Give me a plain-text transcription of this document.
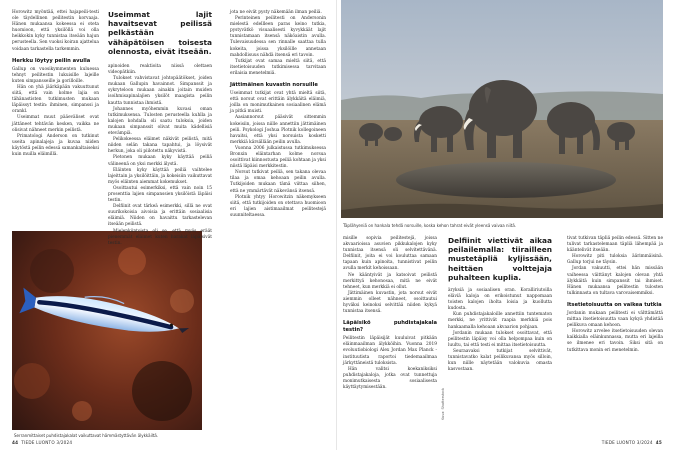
Horowitz myöntää, ettei hajapeili-testi ole täydellinen peilitestin korvaaja. Hänen mukaansa kokeessa ei oteta huomioon, että yksilöllä voi olla heikkokin kyky tunnistaa itseään hajun perusteella. Sen vuoksi koiran ajattelua voidaan tarkastella tarkemmin.

Herkku löytyy peilin avulla

Gallup on vuosikymmenten kuluessa tehnyt peilitestin lukuisille lajeille kuten simpansseille ja gorilloille.

Hän on yhä jäärkäpään vakuuttunut siitä, että vain kolme lajia on tähänastisten tutkimusten mukaan läpäissyt testin: ihminen, simpanssi ja orankl.

Useimmat muut pääeväliset ovat jättäneet tehtävän kesken, vaikka ne olisivat nähneet merkin peilistä.

Primatologi Anderson on tutkinut useita apinalajeja ja kuvaa niiden käytöstä peilin edessä samankaltaiseksi kuin muilla eläimillä.

Serranmittaiset puhdistajakalat vaikuttavat hämmästyttävän älykkäiltä.
Useimmat lajit havaitsevat peilissä pelkästään vähäpätöisen toisesta olennosta, eivät itseään.

apinoiden reaktioita niissä olettaen videopätkiin.

Tulokset vahvistavat johtopäätökset, joiden mukaan Gallupin havainnot. Simpanssit ja sykryteloon mukaan ainakin joitain muiden isoihmisapinalajien yksilöt maagista peilin kautta tunnistaa ihmistä.

Johannes myöhemmin kuvasi oman tutkimuksensa. Tulosten perusteella kuhlla ja kalojen kohdalla oli saatu tuloksia, joiden mukaan simpanssit olivat muita kädellisiä etevämpiä.

Pelikokeessa eläimet näkivät peilistä, mitä niiden selän takana tapahtui, ja löysivät herkun, joka oli piilotettu näkyvistä.

Pietonen mukaan kyky käyttää peiliä välineenä on yksi merkki älystä.

Eläinten kyky käyttää peiliä vaihtelee lajeittain ja yksilöittäin, ja kokeisiin vaikuttavat myös eläinten aiemmat kokemukset.

Osoittautui esimerkiksi, että vain noin 15 prosenttia lajien simpanssien yksilöistä läpäisi testin.

Delfiinit ovat tärkeä esimerkki, sillä ne ovat suurikokoisia aivoisia ja erittäin sosiaalisia eläimiä. Niiden on havaittu tarkastelevan itseään peilistä.

Mielenkiintoista oli se, että myös eräät pienemmät eläimet kuten harakat läpäisivät testin.

jota ne eivät pysty näkemään ilman peiliä.

Perinteinen peilitesti on Andersonin mielestä edellleen paras keino tutkia, pystyvätkö visuaalisesti kyvykkäät lajit tunnistamaan itsensä näköaistin avulla. Tulevaisuudessa sen rinnalle saattaa tulla kokeita, joissa yksilöille annetaan mahdollisuus nähdä itsensä eri tavoin.

Tutkijat ovat samaa mieltä siitä, että itsetietoisuuden tutkimisessa tarvitaan erilaisia menetelmiä.

Jättimäinen kuvastin norsuille

Useimmat tutkijat ovat yhtä mieltä siitä, että norsut ovat erittäin älykkäitä eläimiä, joilla on monimutkainen sosiaalinen elämä ja pitkä muisti.

Aasiannorsut pääsivät sittemmin kokeisiin, joissa niille annettiin jättimäinen peili. Psykologi Joshua Plotnik kollegoineen havaitsi, että yksi norsuista kosketti merkkiä kärsällään peilin avulla.

Vuonna 2006 julkaistussa tutkimuksessa Bronxin eläintarhan kolme norsua osoittivat kiinnostusta peiliä kohtaan ja yksi niistä läpäisi merkkitestin.

Norsut tutkivat peiliä, sen takana olevaa tilaa ja omaa kehoaan peilin avulla. Tutkijoiden mukaan tämä viittaa siihen, että ne ymmärtävät näkevänsä itsensä.

Plotnik yhtyy Horowitzin näkemykseen siitä, että tutkijoiden on otettava huomioon eri lajien aistimaailmat peilitestejä suunniteltaessa.

44 TIEDE LUONTO 3/2024
Täplähyeniä on hankala tehdä norsuille, koska kehon tahrat eivät yleensä vaivaa niitä.

misille sopivia peilitestejä, joissa akvaarioissa asuvien pikkukalojen kyky tunnistaa itsensä oli selvitettävänä. Delfiinit, joita ei voi kouluttaa samaan tapaan kuin apinoita, tunnistivat peilin avulla merkit kehoissaan.

Ne kääntyivät ja katsoivat peilistä merkittyä kehonosaa, mitä ne eivät tehneet, kun merkkiä ei ollut.

Jättimäinen kuvastin, jota norsut eivät aiemmin olleet nähneet, osoittautui hyväksi keinoksi selvittää niiden kykyä tunnistaa itsensä.

Läpäisikö puhdistajakala testin?

Peilitestin läpäisijät kuuluivat pitkään eläinmaailman älykköihin. Vuonna 2019 evoluutiobiologi Alex Jordan Max Planck -instituutista raportoi tiedemaailmaa järkyttäneistä tuloksista.

Hän valitsi koekaniksiksi puhdistajakaloja, jotka ovat tunnettuja monimutkaisesta sosiaalisesta käyttäytymisestään.

Kuva: Shutterstock
Delfiinit viettivät aikaa peilailemalla: tiirailleen mustetäpliä kyljissään, heittäen volttejaja puhalteen kuplia.

äryksiä ja sosiaalisen oran. Koralliriutoilla eläviä kaloja on erikoistunut nappomaan toisten kalojen iholta loisia ja kuollutta kudosta.

Kun puhdistajakaloille annettiin tuntematon merkki, ne yrittivät raapia merkkiä pois hankaamalla kehoaan akvaarion pohjaan.

Jordanin mukaan tulokset osoittavat, että peilitestin läpäisy voi olla helpompaa kuin on luultu, tai että testi ei mittaa itsetietoisuutta.

Seuraavaksi tutkijat selvittivät, tunnistavatko kalat peilikuvansa myös silloin, kun niille näytetään valokuvia omasta kasvostaan.

tivat tutkivan täpliä peilin edessä. Sitten ne tulivat tarkastelemaan täpliä lähempää ja kääntelivät itseään.

Horowitz piti tuloksia äärimmäisinä. Gallup torjui ne täysin.

Jordan vakuutti, ettei hän missään vaiheessa väittänyt kalojen olevan yhtä älykkäitä kuin simpanssit tai ihmiset. Hänen mukaansa peilitestin tulosten tulkinnasta on tultava varovaisemmiksi.

Itsetietoisuutta on vaikea tutkia

Jordanin mukaan peilitesti ei välttämättä mittaa itsetietoisuutta vaan kykyä yhdistää peilikuva omaan kehoon.

Horowitz arvelee itsetietoisuuden olevan kaikkialla eläinkunnassa, mutta eri lajeilla se ilmenee eri tavoin. Siksi sitä on tutkittava monin eri menetelmin.

TIEDE LUONTO 3/2024 45
